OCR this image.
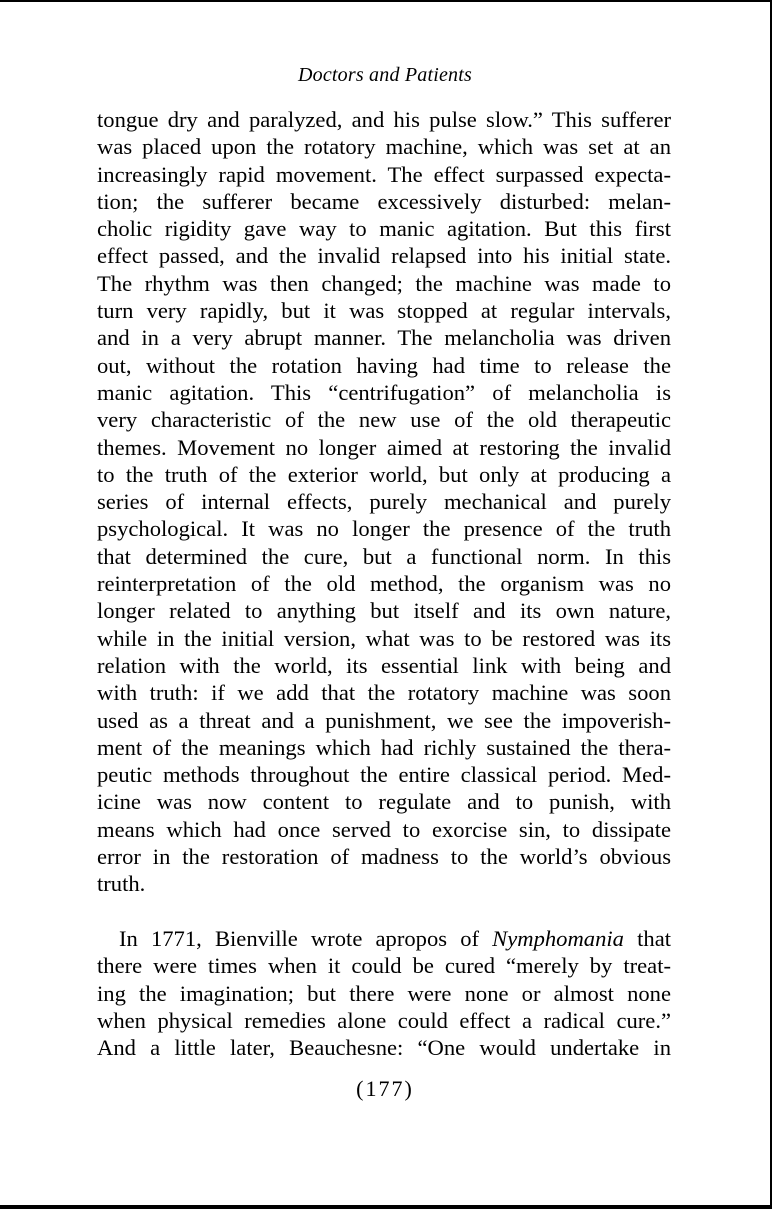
Doctors and Patients
tongue dry and paralyzed, and his pulse slow.” This sufferer
was placed upon the rotatory machine, which was set at an
increasingly rapid movement. The effect surpassed expecta-
tion; the sufferer became excessively disturbed: melan-
cholic rigidity gave way to manic agitation. But this first
effect passed, and the invalid relapsed into his initial state.
The rhythm was then changed; the machine was made to
turn very rapidly, but it was stopped at regular intervals,
and in a very abrupt manner. The melancholia was driven
out, without the rotation having had time to release the
manic agitation. This “centrifugation” of melancholia is
very characteristic of the new use of the old therapeutic
themes. Movement no longer aimed at restoring the invalid
to the truth of the exterior world, but only at producing a
series of internal effects, purely mechanical and purely
psychological. It was no longer the presence of the truth
that determined the cure, but a functional norm. In this
reinterpretation of the old method, the organism was no
longer related to anything but itself and its own nature,
while in the initial version, what was to be restored was its
relation with the world, its essential link with being and
with truth: if we add that the rotatory machine was soon
used as a threat and a punishment, we see the impoverish-
ment of the meanings which had richly sustained the thera-
peutic methods throughout the entire classical period. Med-
icine was now content to regulate and to punish, with
means which had once served to exorcise sin, to dissipate
error in the restoration of madness to the world’s obvious
truth.
In 1771, Bienville wrote apropos of Nymphomania that
there were times when it could be cured “merely by treat-
ing the imagination; but there were none or almost none
when physical remedies alone could effect a radical cure.”
And a little later, Beauchesne: “One would undertake in
(177)
